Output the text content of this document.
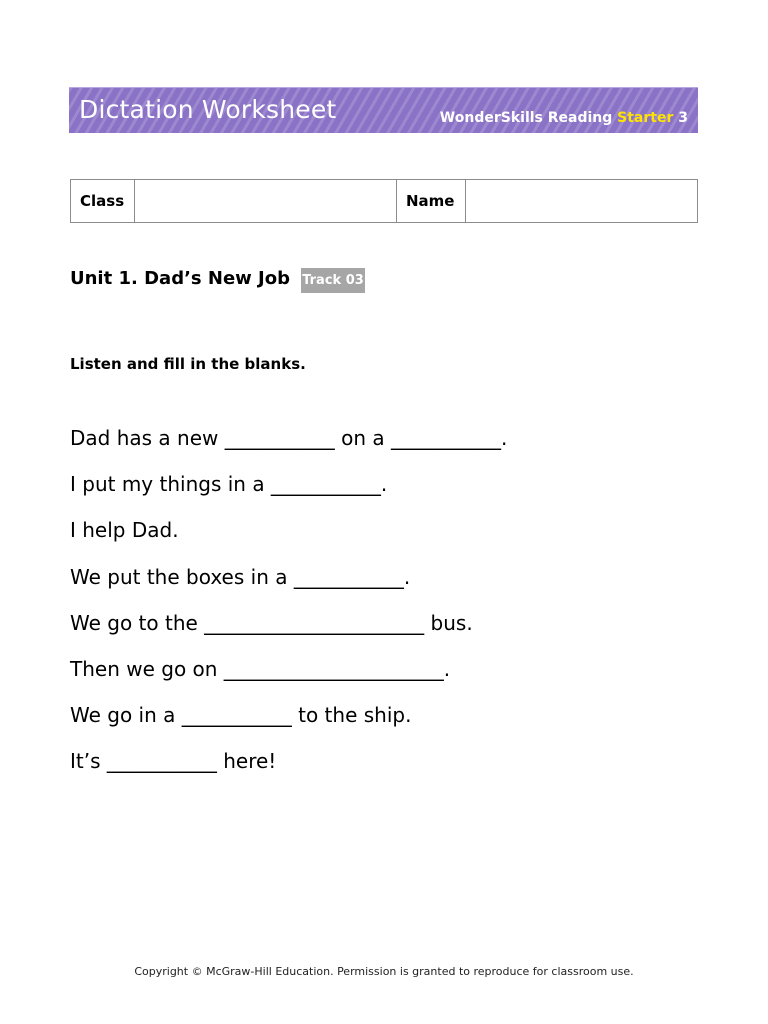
Dictation Worksheet	WonderSkills Reading Starter 3
Class		Name	
Unit 1. Dad’s New Job Track 03
Listen and fill in the blanks.
Dad has a new ___________ on a ___________.
I put my things in a ___________.
I help Dad.
We put the boxes in a ___________.
We go to the ______________________ bus.
Then we go on ______________________.
We go in a ___________ to the ship.
It’s ___________ here!
Copyright © McGraw-Hill Education. Permission is granted to reproduce for classroom use.
